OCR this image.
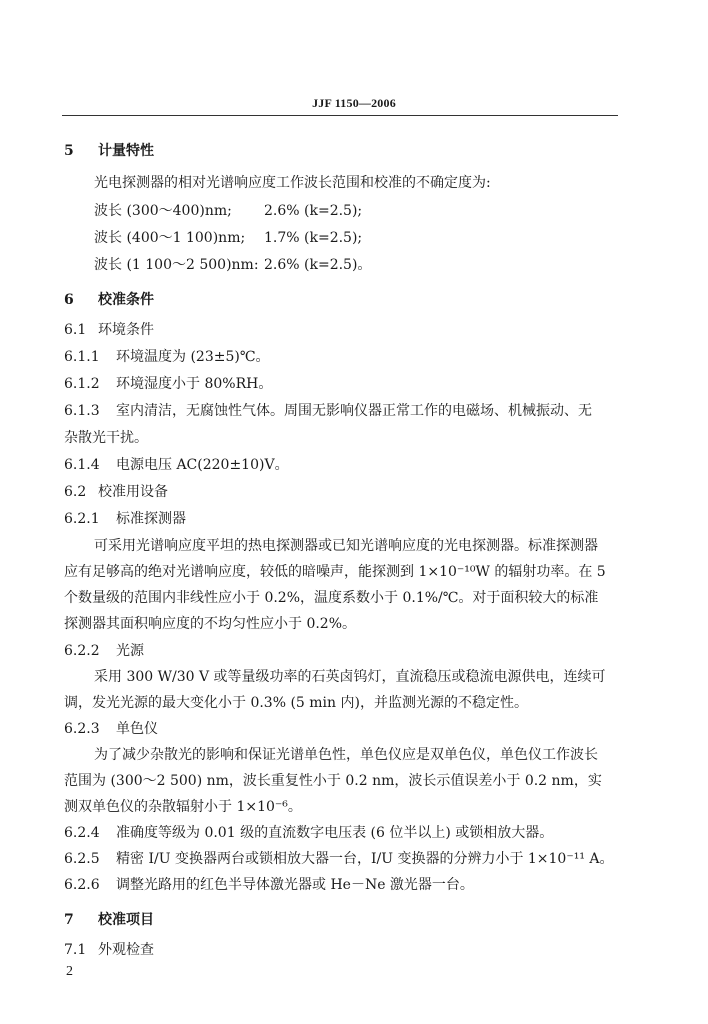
JJF 1150—2006
5 计量特性
光电探测器的相对光谱响应度工作波长范围和校准的不确定度为:
波长 (300～400)nm; 2.6% (k=2.5);
波长 (400～1 100)nm; 1.7% (k=2.5);
波长 (1 100～2 500)nm: 2.6% (k=2.5)。
6 校准条件
6.1 环境条件
6.1.1 环境温度为 (23±5)℃。
6.1.2 环境湿度小于 80%RH。
6.1.3 室内清洁，无腐蚀性气体。周围无影响仪器正常工作的电磁场、机械振动、无
杂散光干扰。
6.1.4 电源电压 AC(220±10)V。
6.2 校准用设备
6.2.1 标准探测器
可采用光谱响应度平坦的热电探测器或已知光谱响应度的光电探测器。标准探测器
应有足够高的绝对光谱响应度，较低的暗噪声，能探测到 1×10⁻¹⁰W 的辐射功率。在 5
个数量级的范围内非线性应小于 0.2%，温度系数小于 0.1%/℃。对于面积较大的标准
探测器其面积响应度的不均匀性应小于 0.2%。
6.2.2 光源
采用 300 W/30 V 或等量级功率的石英卤钨灯，直流稳压或稳流电源供电，连续可
调，发光光源的最大变化小于 0.3% (5 min 内)，并监测光源的不稳定性。
6.2.3 单色仪
为了减少杂散光的影响和保证光谱单色性，单色仪应是双单色仪，单色仪工作波长
范围为 (300～2 500) nm，波长重复性小于 0.2 nm，波长示值误差小于 0.2 nm，实
测双单色仪的杂散辐射小于 1×10⁻⁶。
6.2.4 准确度等级为 0.01 级的直流数字电压表 (6 位半以上) 或锁相放大器。
6.2.5 精密 I/U 变换器两台或锁相放大器一台，I/U 变换器的分辨力小于 1×10⁻¹¹ A。
6.2.6 调整光路用的红色半导体激光器或 He－Ne 激光器一台。
7 校准项目
7.1 外观检查
2
